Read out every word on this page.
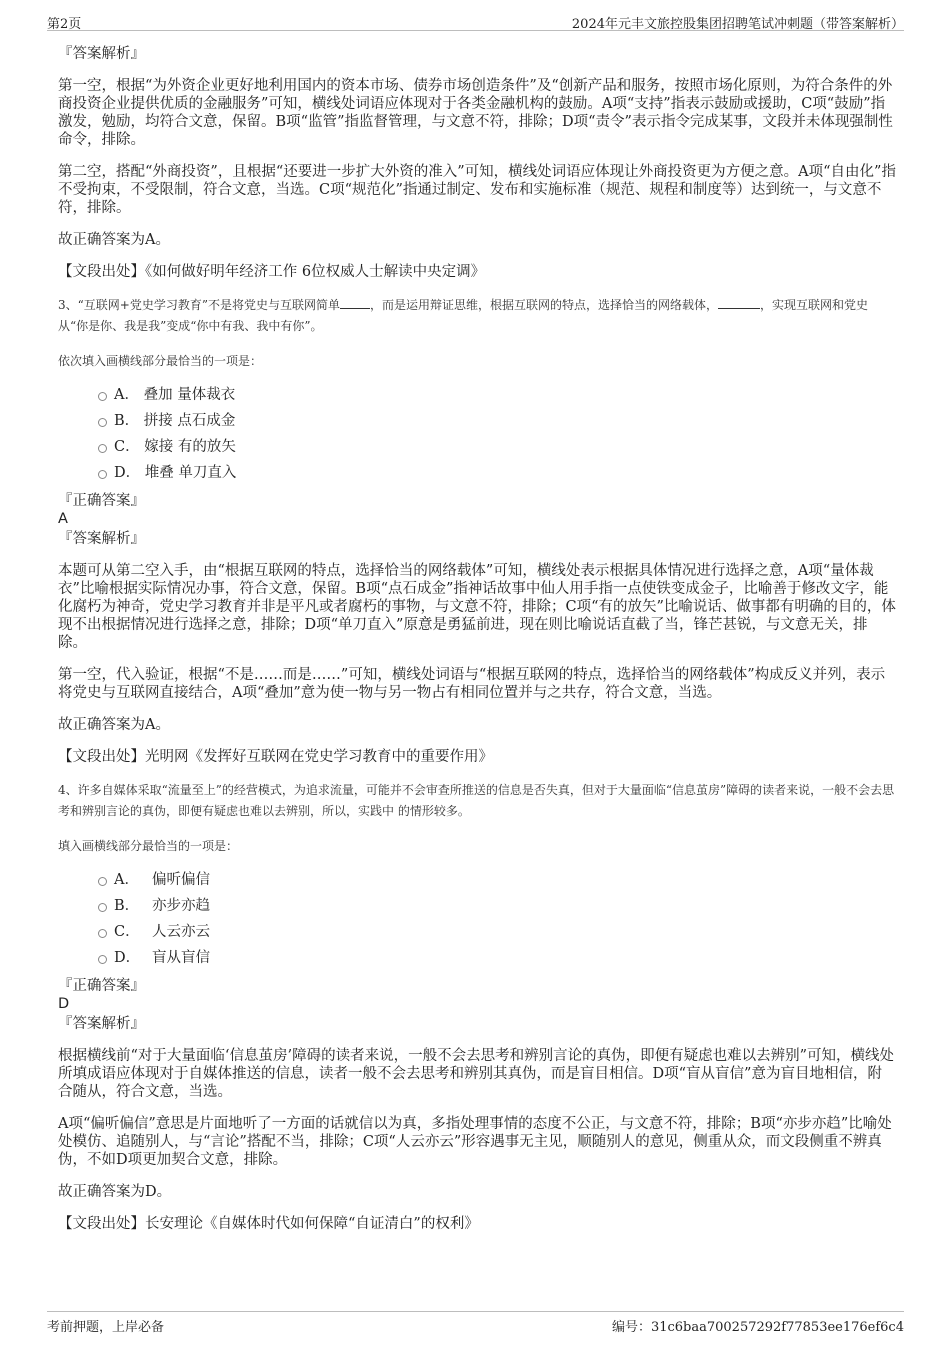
第2页	2024年元丰文旅控股集团招聘笔试冲刺题（带答案解析）

『答案解析』

第一空，根据“为外资企业更好地利用国内的资本市场、债券市场创造条件”及“创新产品和服务，按照市场化原则，为符合条件的外商投资企业提供优质的金融服务”可知，横线处词语应体现对于各类金融机构的鼓励。A项“支持”指表示鼓励或援助，C项“鼓励”指激发，勉励，均符合文意，保留。B项“监管”指监督管理，与文意不符，排除；D项“责令”表示指令完成某事，文段并未体现强制性命令，排除。

第二空，搭配“外商投资”，且根据“还要进一步扩大外资的准入”可知，横线处词语应体现让外商投资更为方便之意。A项“自由化”指不受拘束，不受限制，符合文意，当选。C项“规范化”指通过制定、发布和实施标准（规范、规程和制度等）达到统一，与文意不符，排除。

故正确答案为A。

【文段出处】《如何做好明年经济工作 6位权威人士解读中央定调》

3、“互联网+党史学习教育”不是将党史与互联网简单	，而是运用辩证思维，根据互联网的特点，选择恰当的网络载体，	，实现互联网和党史从“你是你、我是我”变成“你中有我、我中有你”。

依次填入画横线部分最恰当的一项是：

A． 叠加 量体裁衣
B． 拼接 点石成金
C． 嫁接 有的放矢
D． 堆叠 单刀直入

『正确答案』

A

『答案解析』

本题可从第二空入手，由“根据互联网的特点，选择恰当的网络载体”可知，横线处表示根据具体情况进行选择之意，A项“量体裁衣”比喻根据实际情况办事，符合文意，保留。B项“点石成金”指神话故事中仙人用手指一点使铁变成金子，比喻善于修改文字，能化腐朽为神奇，党史学习教育并非是平凡或者腐朽的事物，与文意不符，排除；C项“有的放矢”比喻说话、做事都有明确的目的，体现不出根据情况进行选择之意，排除；D项“单刀直入”原意是勇猛前进，现在则比喻说话直截了当，锋芒甚锐，与文意无关，排除。

第一空，代入验证，根据“不是……而是……”可知，横线处词语与“根据互联网的特点，选择恰当的网络载体”构成反义并列，表示将党史与互联网直接结合，A项“叠加”意为使一物与另一物占有相同位置并与之共存，符合文意，当选。

故正确答案为A。

【文段出处】光明网《发挥好互联网在党史学习教育中的重要作用》

4、许多自媒体采取“流量至上”的经营模式，为追求流量，可能并不会审查所推送的信息是否失真，但对于大量面临“信息茧房”障碍的读者来说，一般不会去思考和辨别言论的真伪，即便有疑虑也难以去辨别，所以，实践中 的情形较多。

填入画横线部分最恰当的一项是：

A． 偏听偏信
B． 亦步亦趋
C． 人云亦云
D． 盲从盲信

『正确答案』

D

『答案解析』

根据横线前“对于大量面临‘信息茧房’障碍的读者来说，一般不会去思考和辨别言论的真伪，即便有疑虑也难以去辨别”可知，横线处所填成语应体现对于自媒体推送的信息，读者一般不会去思考和辨别其真伪，而是盲目相信。D项“盲从盲信”意为盲目地相信，附合随从，符合文意，当选。

A项“偏听偏信”意思是片面地听了一方面的话就信以为真，多指处理事情的态度不公正，与文意不符，排除；B项“亦步亦趋”比喻处处模仿、追随别人，与“言论”搭配不当，排除；C项“人云亦云”形容遇事无主见，顺随别人的意见，侧重从众，而文段侧重不辨真伪，不如D项更加契合文意，排除。

故正确答案为D。

【文段出处】长安理论《自媒体时代如何保障“自证清白”的权利》

考前押题，上岸必备	编号：31c6baa700257292f77853ee176ef6c4
